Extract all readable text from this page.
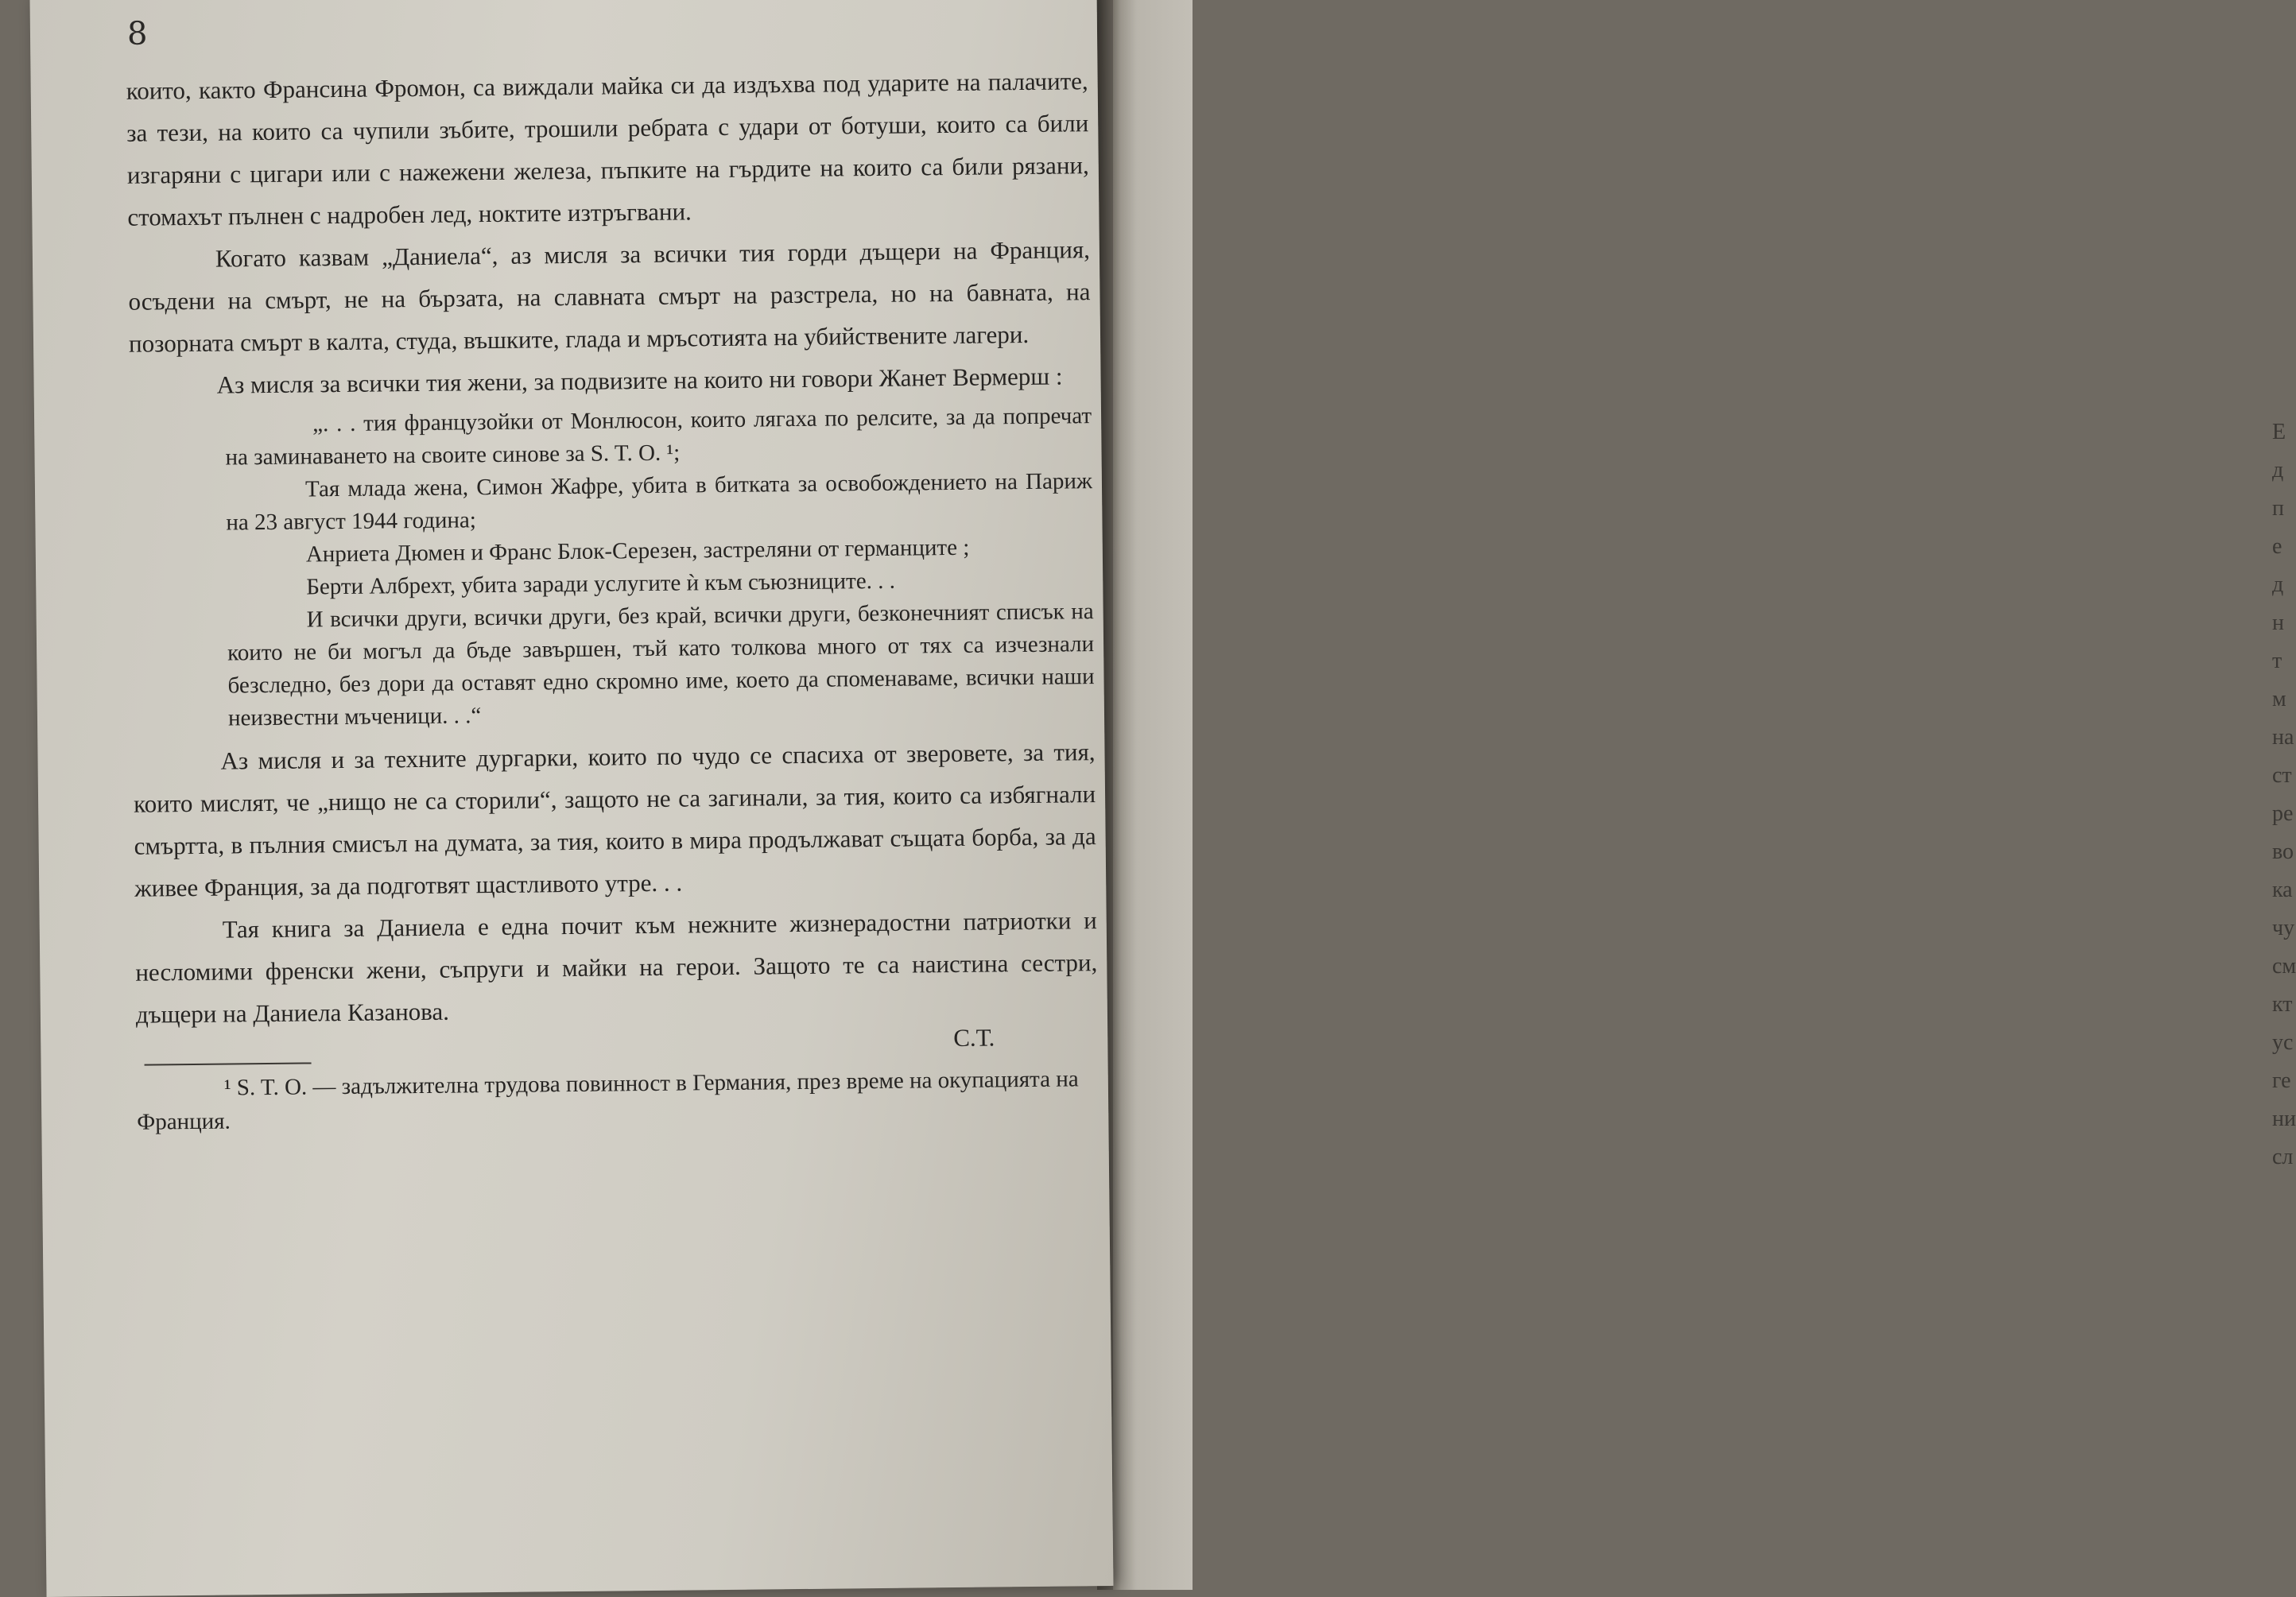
Е
д
п
е
д
н
т
м
на
ст
ре
во
ка
чу
см
кт
ус
ге
ни
сл
8

които, както Франсина Фромон, са виждали майка си да издъхва под ударите на палачите, за тези, на които са чупили зъбите, трошили ребрата с удари от ботуши, които са били изгаряни с цигари или с нажежени железа, пъпките на гърдите на които са били рязани, стомахът пълнен с надробен лед, ноктите изтръгвани.

Когато казвам „Даниела“, аз мисля за всички тия горди дъщери на Франция, осъдени на смърт, не на бързата, на славната смърт на разстрела, но на бавната, на позорната смърт в калта, студа, въшките, глада и мръсотията на убийствените лагери.

Аз мисля за всички тия жени, за подвизите на които ни говори Жанет Вермерш :

„. . . тия французойки от Монлюсон, които лягаха по релсите, за да попречат на заминаването на своите синове за S. T. O. ¹;

Тая млада жена, Симон Жафре, убита в битката за освобождението на Париж на 23 август 1944 година;

Анриета Дюмен и Франс Блок-Серезен, застреляни от германците ;

Берти Албрехт, убита заради услугите ѝ към съюзниците. . .

И всички други, всички други, без край, всички други, безконечният списък на които не би могъл да бъде завършен, тъй като толкова много от тях са изчезнали безследно, без дори да оставят едно скромно име, което да споменаваме, всички наши неизвестни мъченици. . .“

Аз мисля и за техните дургарки, които по чудо се спасиха от зверовете, за тия, които мислят, че „нищо не са сторили“, защото не са загинали, за тия, които са избягнали смъртта, в пълния смисъл на думата, за тия, които в мира продължават същата борба, за да живее Франция, за да подготвят щастливото утре. . .

Тая книга за Даниела е една почит към нежните жизнерадостни патриотки и несломими френски жени, съпруги и майки на герои. Защото те са наистина сестри, дъщери на Даниела Казанова.

С.Т.

¹ S. T. O. — задължителна трудова повинност в Германия, през време на окупацията на Франция.
